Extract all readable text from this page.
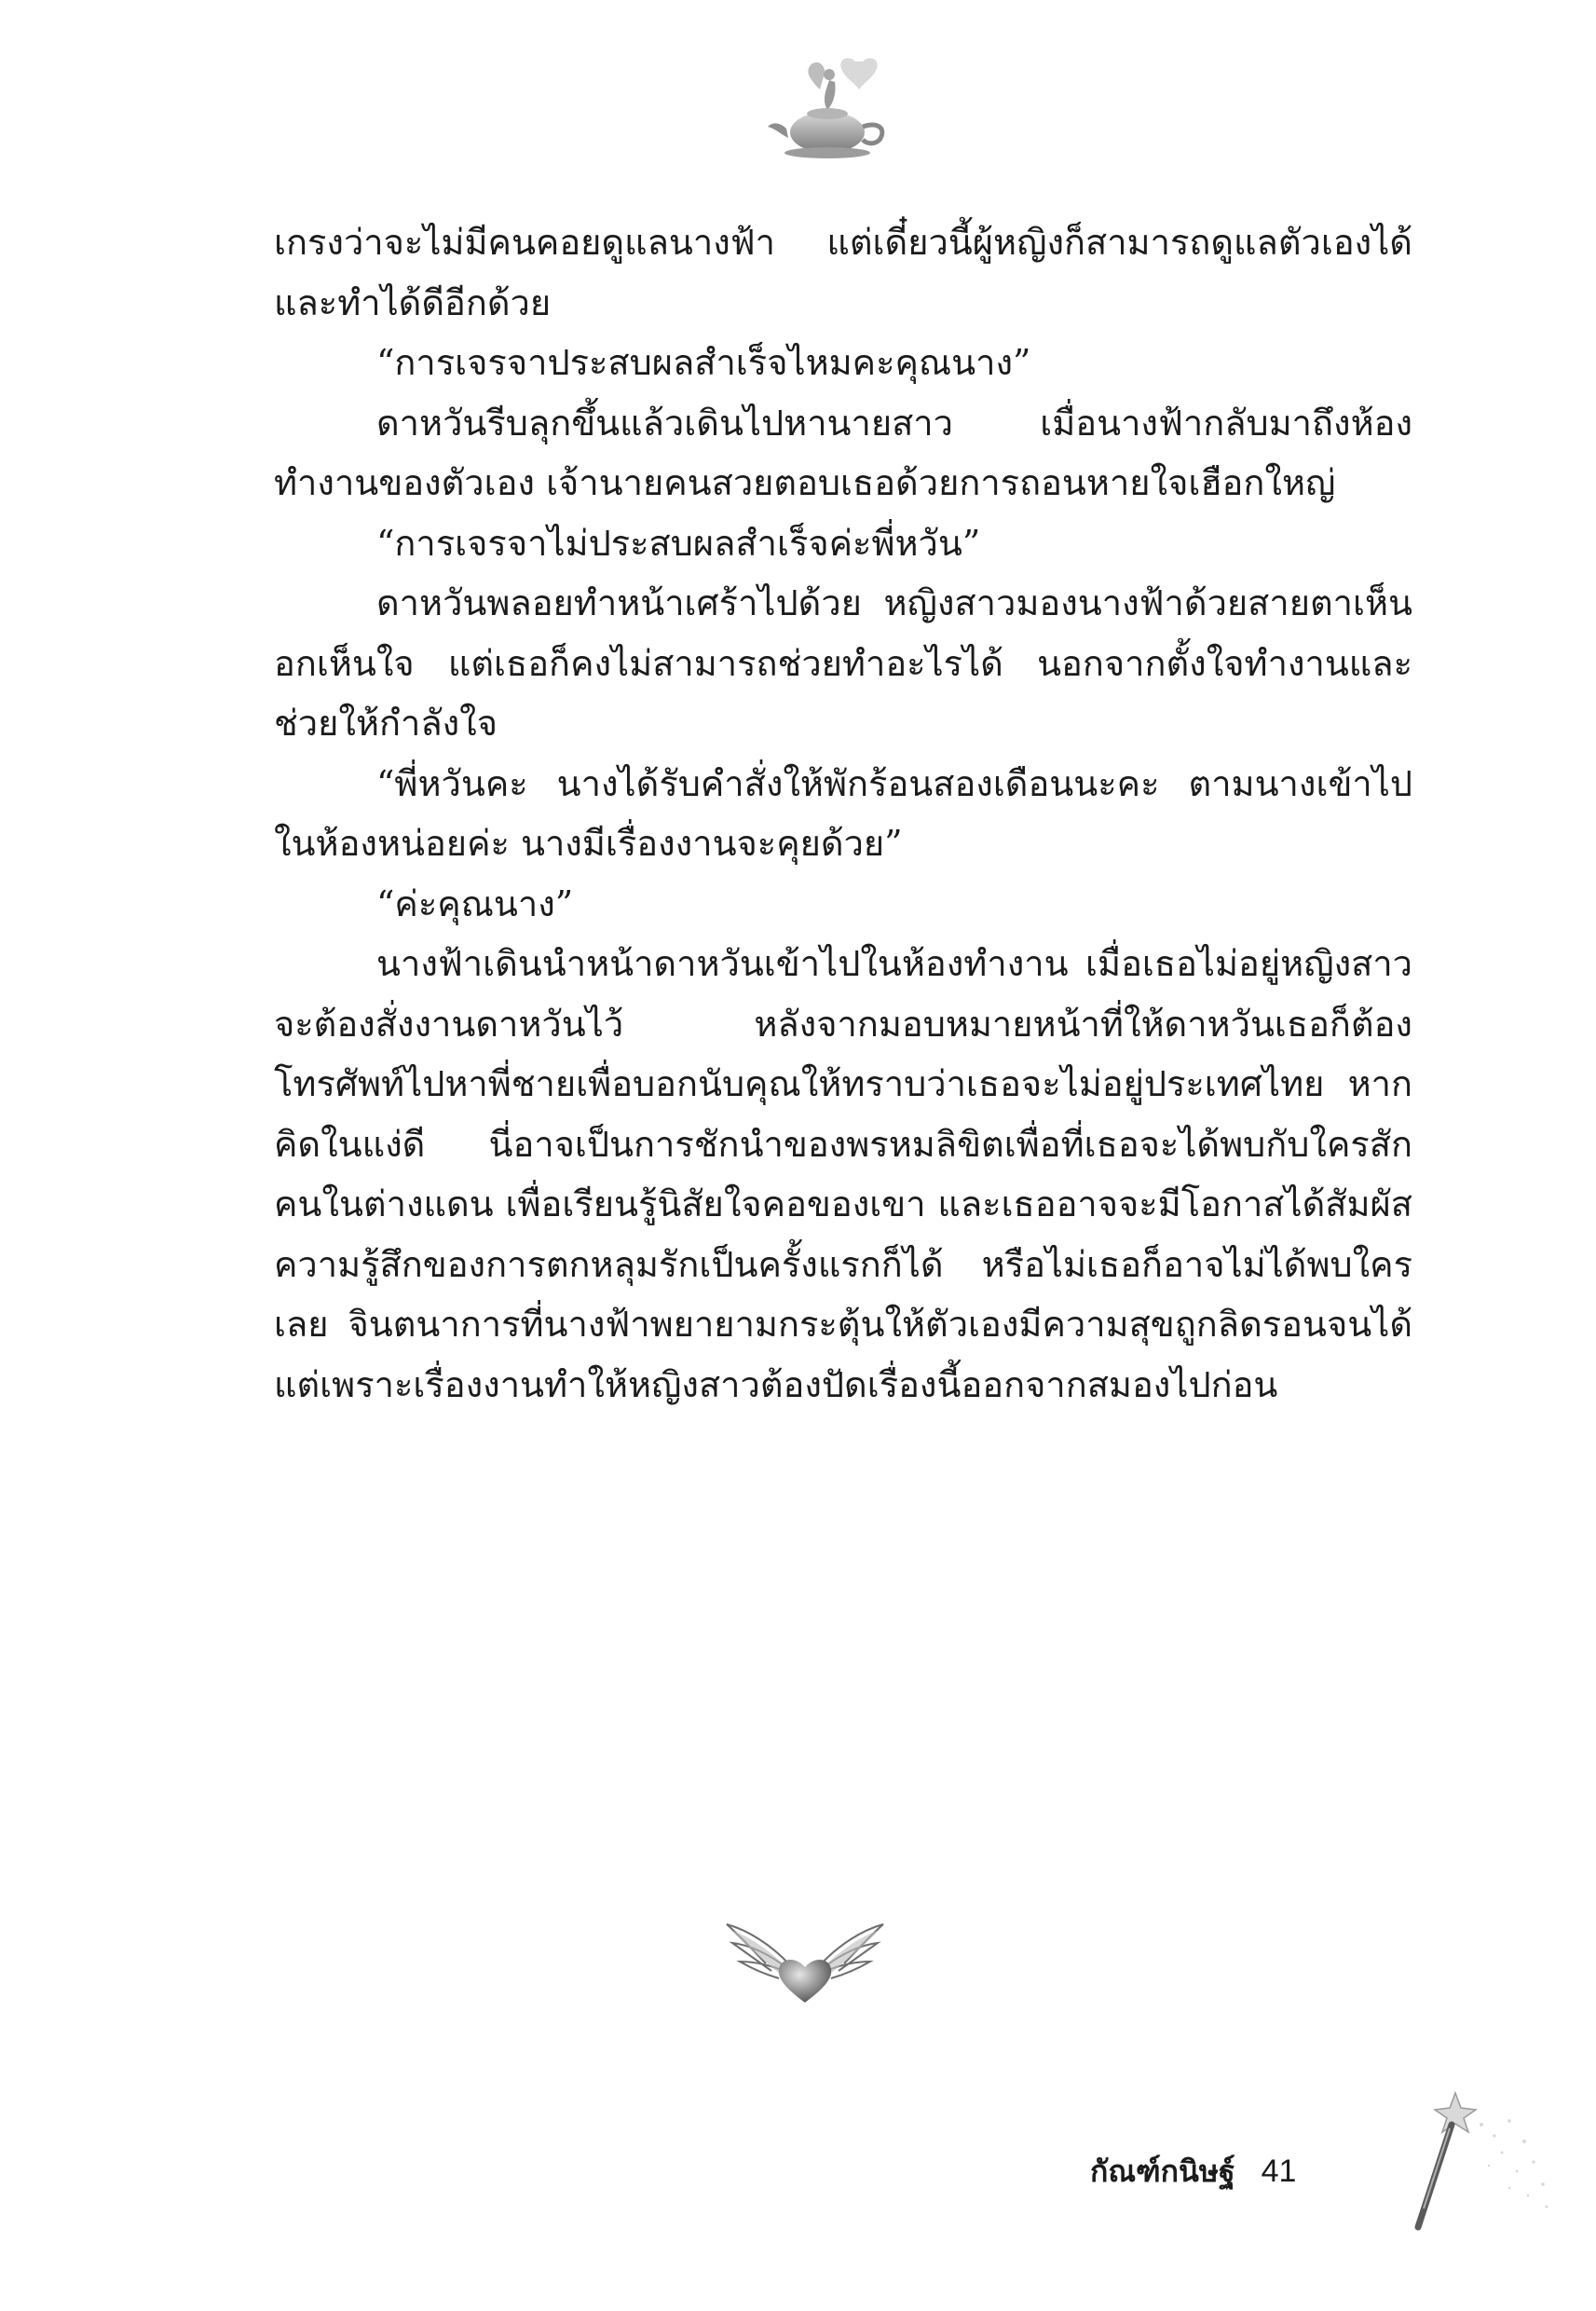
เกรงว่าจะไม่มีคนคอยดูแลนางฟ้า แต่เดี๋ยวนี้ผู้หญิงก็สามารถดูแลตัวเองได้ และทำได้ดีอีกด้วย

“การเจรจาประสบผลสำเร็จไหมคะคุณนาง”

ดาหวันรีบลุกขึ้นแล้วเดินไปหานายสาว เมื่อนางฟ้ากลับมาถึงห้องทำงานของตัวเอง เจ้านายคนสวยตอบเธอด้วยการถอนหายใจเฮือกใหญ่

“การเจรจาไม่ประสบผลสำเร็จค่ะพี่หวัน”

ดาหวันพลอยทำหน้าเศร้าไปด้วย หญิงสาวมองนางฟ้าด้วยสายตาเห็นอกเห็นใจ แต่เธอก็คงไม่สามารถช่วยทำอะไรได้ นอกจากตั้งใจทำงานและช่วยให้กำลังใจ

“พี่หวันคะ นางได้รับคำสั่งให้พักร้อนสองเดือนนะคะ ตามนางเข้าไปในห้องหน่อยค่ะ นางมีเรื่องงานจะคุยด้วย”

“ค่ะคุณนาง”

นางฟ้าเดินนำหน้าดาหวันเข้าไปในห้องทำงาน เมื่อเธอไม่อยู่หญิงสาวจะต้องสั่งงานดาหวันไว้ หลังจากมอบหมายหน้าที่ให้ดาหวันเธอก็ต้องโทรศัพท์ไปหาพี่ชายเพื่อบอกนับคุณให้ทราบว่าเธอจะไม่อยู่ประเทศไทย หากคิดในแง่ดี นี่อาจเป็นการชักนำของพรหมลิขิตเพื่อที่เธอจะได้พบกับใครสักคนในต่างแดน เพื่อเรียนรู้นิสัยใจคอของเขา และเธออาจจะมีโอกาสได้สัมผัสความรู้สึกของการตกหลุมรักเป็นครั้งแรกก็ได้ หรือไม่เธอก็อาจไม่ได้พบใครเลย จินตนาการที่นางฟ้าพยายามกระตุ้นให้ตัวเองมีความสุขถูกลิดรอนจนได้ แต่เพราะเรื่องงานทำให้หญิงสาวต้องปัดเรื่องนี้ออกจากสมองไปก่อน

กัณฑ์กนิษฐ์ 41
